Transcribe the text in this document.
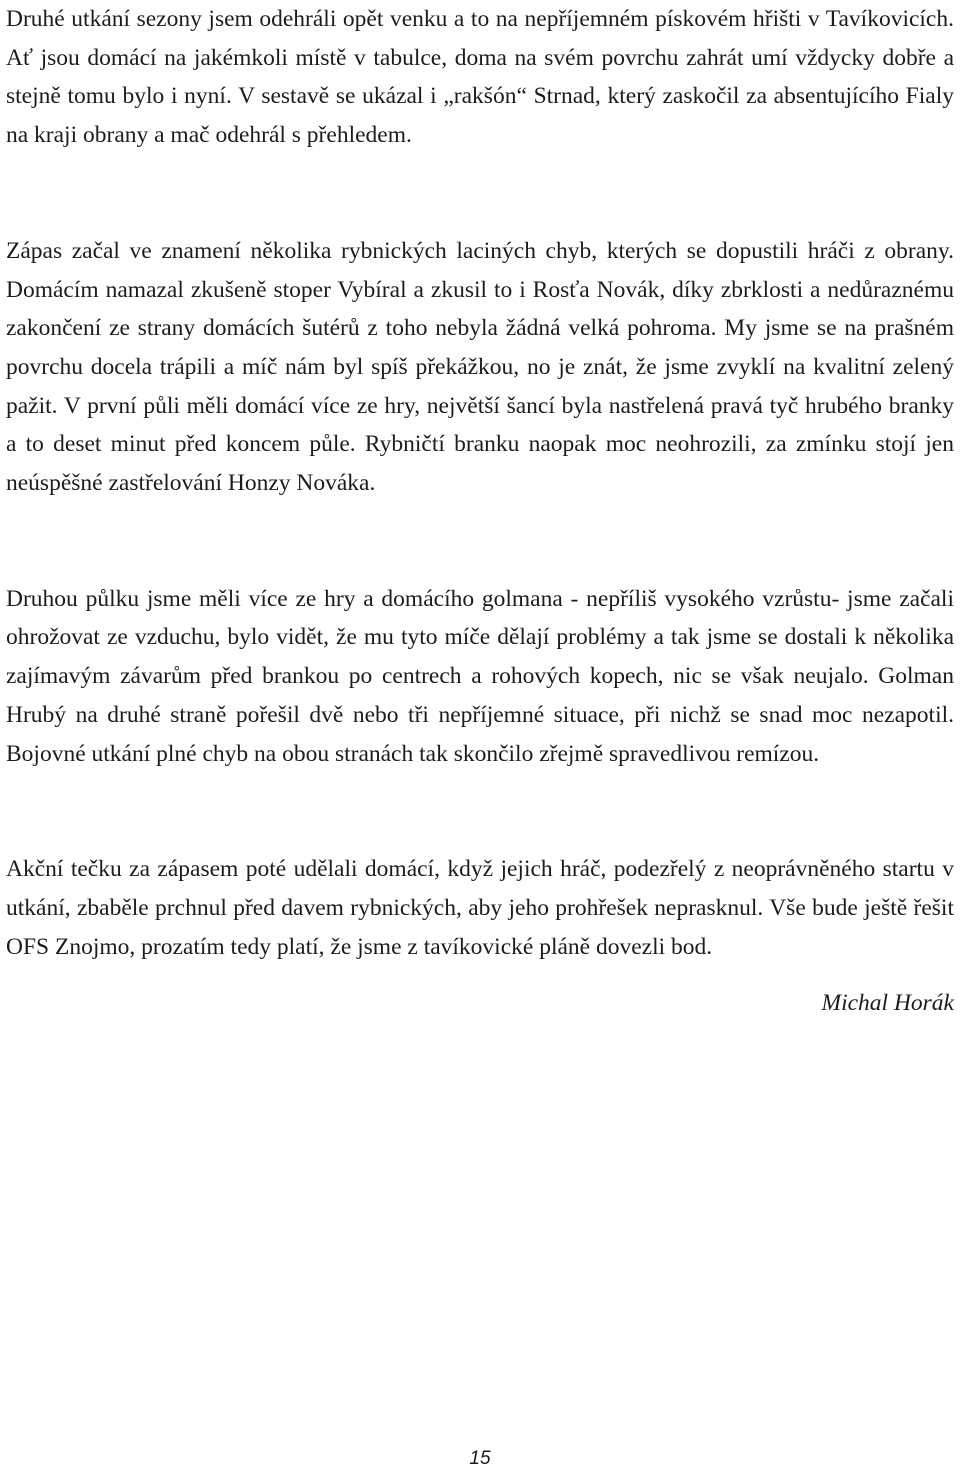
Druhé utkání sezony jsem odehráli opět venku a to na nepříjemném pískovém hřišti v Tavíkovicích. Ať jsou domácí na jakémkoli místě v tabulce, doma na svém povrchu zahrát umí vždycky dobře a stejně tomu bylo i nyní. V sestavě se ukázal i „rakšón“ Strnad, který zaskočil za absentujícího Fialy na kraji obrany a mač odehrál s přehledem.

Zápas začal ve znamení několika rybnických laciných chyb, kterých se dopustili hráči z obrany. Domácím namazal zkušeně stoper Vybíral a zkusil to i Rosťa Novák, díky zbrklosti a nedůraznému zakončení ze strany domácích šutérů z toho nebyla žádná velká pohroma. My jsme se na prašném povrchu docela trápili a míč nám byl spíš překážkou, no je znát, že jsme zvyklí na kvalitní zelený pažit. V první půli měli domácí více ze hry, největší šancí byla nastřelená pravá tyč hrubého branky a to deset minut před koncem půle. Rybničtí branku naopak moc neohrozili, za zmínku stojí jen neúspěšné zastřelování Honzy Nováka.

Druhou půlku jsme měli více ze hry a domácího golmana - nepříliš vysokého vzrůstu- jsme začali ohrožovat ze vzduchu, bylo vidět, že mu tyto míče dělají problémy a tak jsme se dostali k několika zajímavým závarům před brankou po centrech a rohových kopech, nic se však neujalo. Golman Hrubý na druhé straně pořešil dvě nebo tři nepříjemné situace, při nichž se snad moc nezapotil. Bojovné utkání plné chyb na obou stranách tak skončilo zřejmě spravedlivou remízou.

Akční tečku za zápasem poté udělali domácí, když jejich hráč, podezřelý z neoprávněného startu v utkání, zbaběle prchnul před davem rybnických, aby jeho prohřešek neprasknul. Vše bude ještě řešit OFS Znojmo, prozatím tedy platí, že jsme z tavíkovické pláně dovezli bod.

Michal Horák

15
